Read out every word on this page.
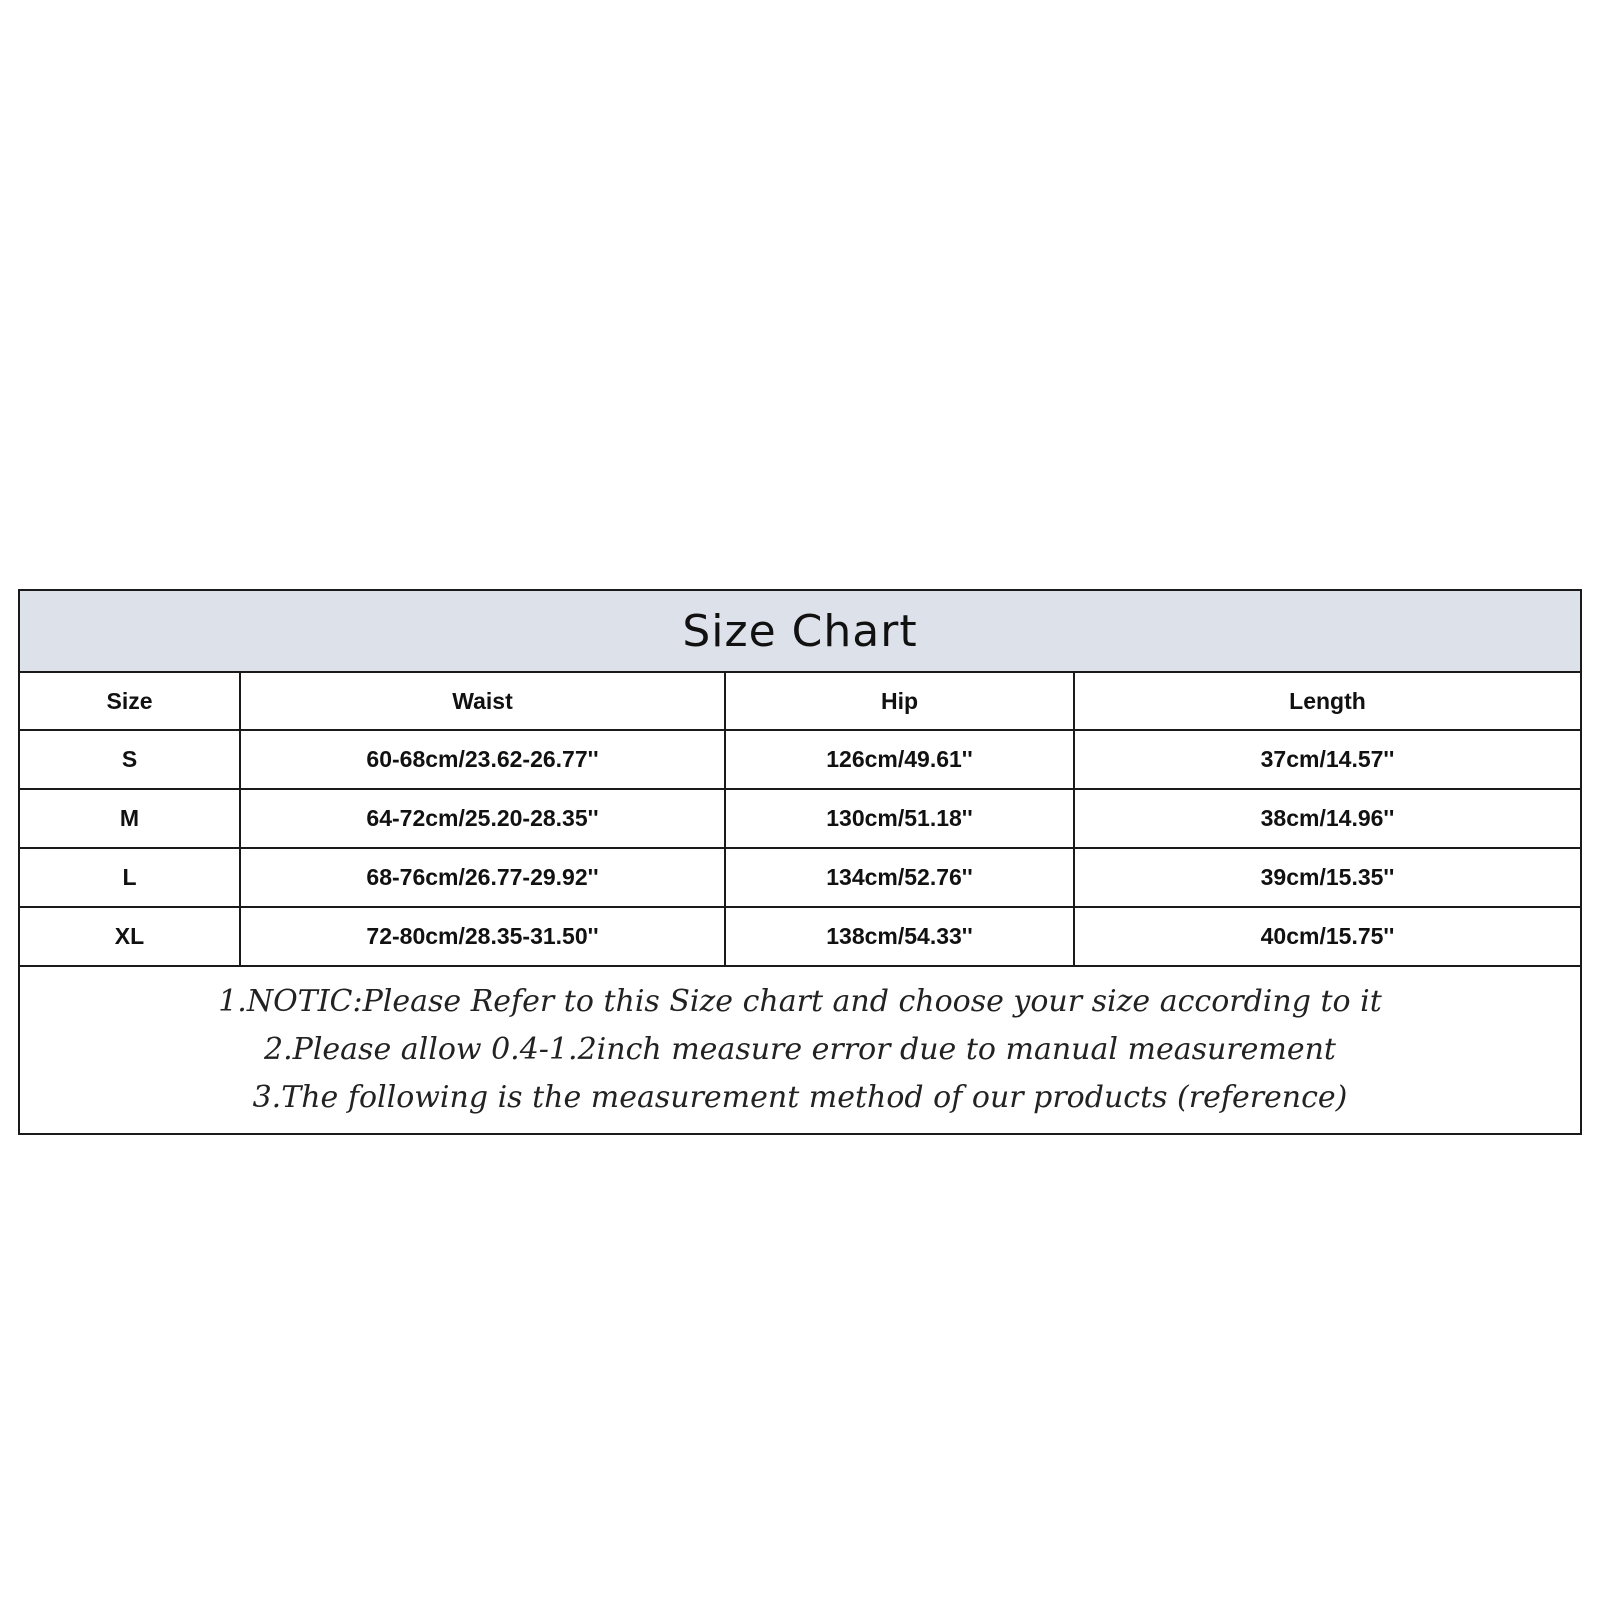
Size Chart
Size	Waist	Hip	Length
S	60-68cm/23.62-26.77''	126cm/49.61''	37cm/14.57''
M	64-72cm/25.20-28.35''	130cm/51.18''	38cm/14.96''
L	68-76cm/26.77-29.92''	134cm/52.76''	39cm/15.35''
XL	72-80cm/28.35-31.50''	138cm/54.33''	40cm/15.75''
1.NOTIC:Please Refer to this Size chart and choose your size according to it
2.Please allow 0.4-1.2inch measure error due to manual measurement
3.The following is the measurement method of our products (reference)
